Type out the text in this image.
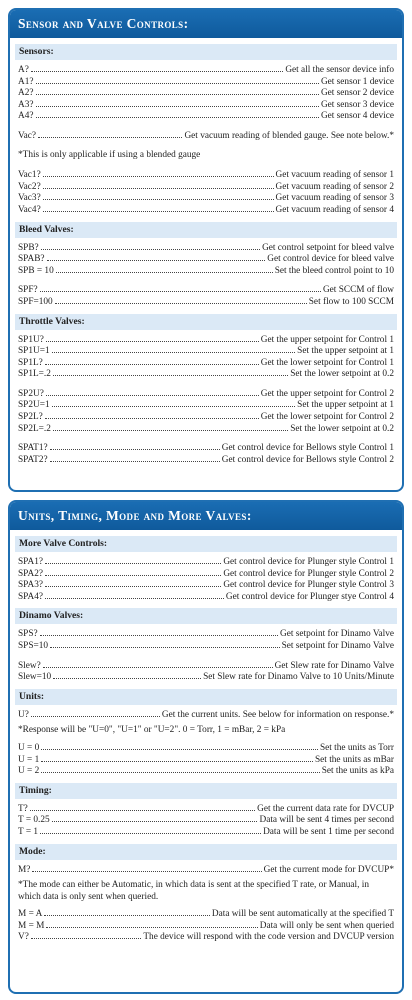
Sensor and Valve Controls:
Sensors:
A?	Get all the sensor device info
A1?	Get sensor 1 device
A2?	Get sensor 2 device
A3?	Get sensor 3 device
A4?	Get sensor 4 device
Vac?	Get vacuum reading of blended gauge. See note below.*
*This is only applicable if using a blended gauge
Vac1?	Get vacuum reading of sensor 1
Vac2?	Get vacuum reading of sensor 2
Vac3?	Get vacuum reading of sensor 3
Vac4?	Get vacuum reading of sensor 4
Bleed Valves:
SPB?	Get control setpoint for bleed valve
SPAB?	Get control device for bleed valve
SPB = 10	Set the bleed control point to 10
SPF?	Get SCCM of flow
SPF=100	Set flow to 100 SCCM
Throttle Valves:
SP1U?	Get the upper setpoint for Control 1
SP1U=1	Set the upper setpoint at 1
SP1L?	Get the lower setpoint for Control 1
SP1L=.2	Set the lower setpoint at 0.2
SP2U?	Get the upper setpoint for Control 2
SP2U=1	Set the upper setpoint at 1
SP2L?	Get the lower setpoint for Control 2
SP2L=.2	Set the lower setpoint at 0.2
SPAT1?	Get control device for Bellows style Control 1
SPAT2?	Get control device for Bellows style Control 2
Units, Timing, Mode and More Valves:
More Valve Controls:
SPA1?	Get control device for Plunger style Control 1
SPA2?	Get control device for Plunger style Control 2
SPA3?	Get control device for Plunger style Control 3
SPA4?	Get control device for Plunger stye Control 4
Dinamo Valves:
SPS?	Get setpoint for Dinamo Valve
SPS=10	Set setpoint for Dinamo Valve
Slew?	Get Slew rate for Dinamo Valve
Slew=10	Set Slew rate for Dinamo Valve to 10 Units/Minute
Units:
U?	Get the current units. See below for information on response.*
*Response will be "U=0", "U=1" or "U=2". 0 = Torr, 1 = mBar, 2 = kPa
U = 0	Set the units as Torr
U = 1	Set the units as mBar
U = 2	Set the units as kPa
Timing:
T?	Get the current data rate for DVCUP
T = 0.25	Data will be sent 4 times per second
T = 1	Data will be sent 1 time per second
Mode:
M?	Get the current mode for DVCUP*
*The mode can either be Automatic, in which data is sent at the specified T rate, or Manual, in which data is only sent when queried.
M = A	Data will be sent automatically at the specified T
M = M	Data will only be sent when queried
V?	The device will respond with the code version and DVCUP version
